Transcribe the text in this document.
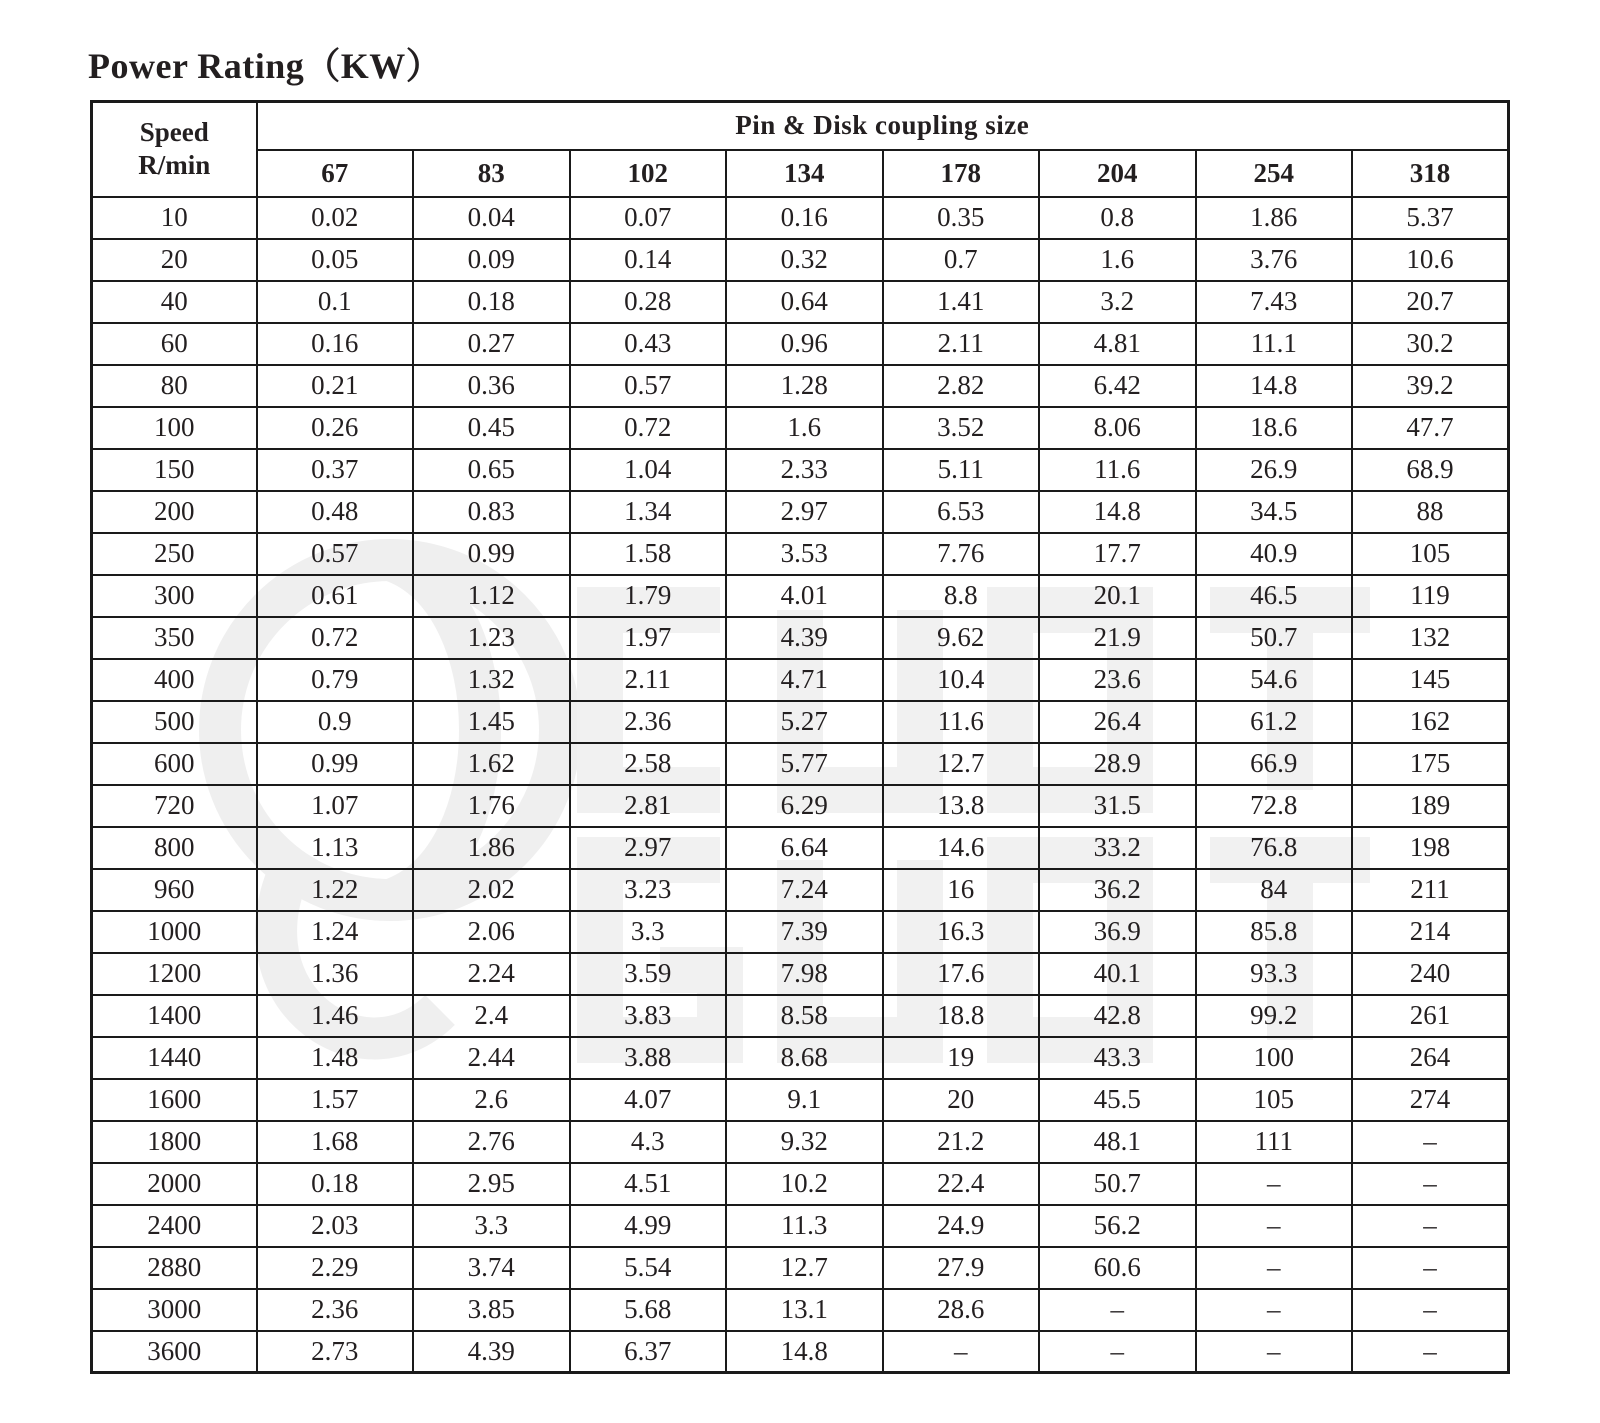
Power Rating（KW）
Speed
R/min	Pin & Disk coupling size							
	67	83	102	134	178	204	254	318
10	0.02	0.04	0.07	0.16	0.35	0.8	1.86	5.37
20	0.05	0.09	0.14	0.32	0.7	1.6	3.76	10.6
40	0.1	0.18	0.28	0.64	1.41	3.2	7.43	20.7
60	0.16	0.27	0.43	0.96	2.11	4.81	11.1	30.2
80	0.21	0.36	0.57	1.28	2.82	6.42	14.8	39.2
100	0.26	0.45	0.72	1.6	3.52	8.06	18.6	47.7
150	0.37	0.65	1.04	2.33	5.11	11.6	26.9	68.9
200	0.48	0.83	1.34	2.97	6.53	14.8	34.5	88
250	0.57	0.99	1.58	3.53	7.76	17.7	40.9	105
300	0.61	1.12	1.79	4.01	8.8	20.1	46.5	119
350	0.72	1.23	1.97	4.39	9.62	21.9	50.7	132
400	0.79	1.32	2.11	4.71	10.4	23.6	54.6	145
500	0.9	1.45	2.36	5.27	11.6	26.4	61.2	162
600	0.99	1.62	2.58	5.77	12.7	28.9	66.9	175
720	1.07	1.76	2.81	6.29	13.8	31.5	72.8	189
800	1.13	1.86	2.97	6.64	14.6	33.2	76.8	198
960	1.22	2.02	3.23	7.24	16	36.2	84	211
1000	1.24	2.06	3.3	7.39	16.3	36.9	85.8	214
1200	1.36	2.24	3.59	7.98	17.6	40.1	93.3	240
1400	1.46	2.4	3.83	8.58	18.8	42.8	99.2	261
1440	1.48	2.44	3.88	8.68	19	43.3	100	264
1600	1.57	2.6	4.07	9.1	20	45.5	105	274
1800	1.68	2.76	4.3	9.32	21.2	48.1	111	–
2000	0.18	2.95	4.51	10.2	22.4	50.7	–	–
2400	2.03	3.3	4.99	11.3	24.9	56.2	–	–
2880	2.29	3.74	5.54	12.7	27.9	60.6	–	–
3000	2.36	3.85	5.68	13.1	28.6	–	–	–
3600	2.73	4.39	6.37	14.8	–	–	–	–
